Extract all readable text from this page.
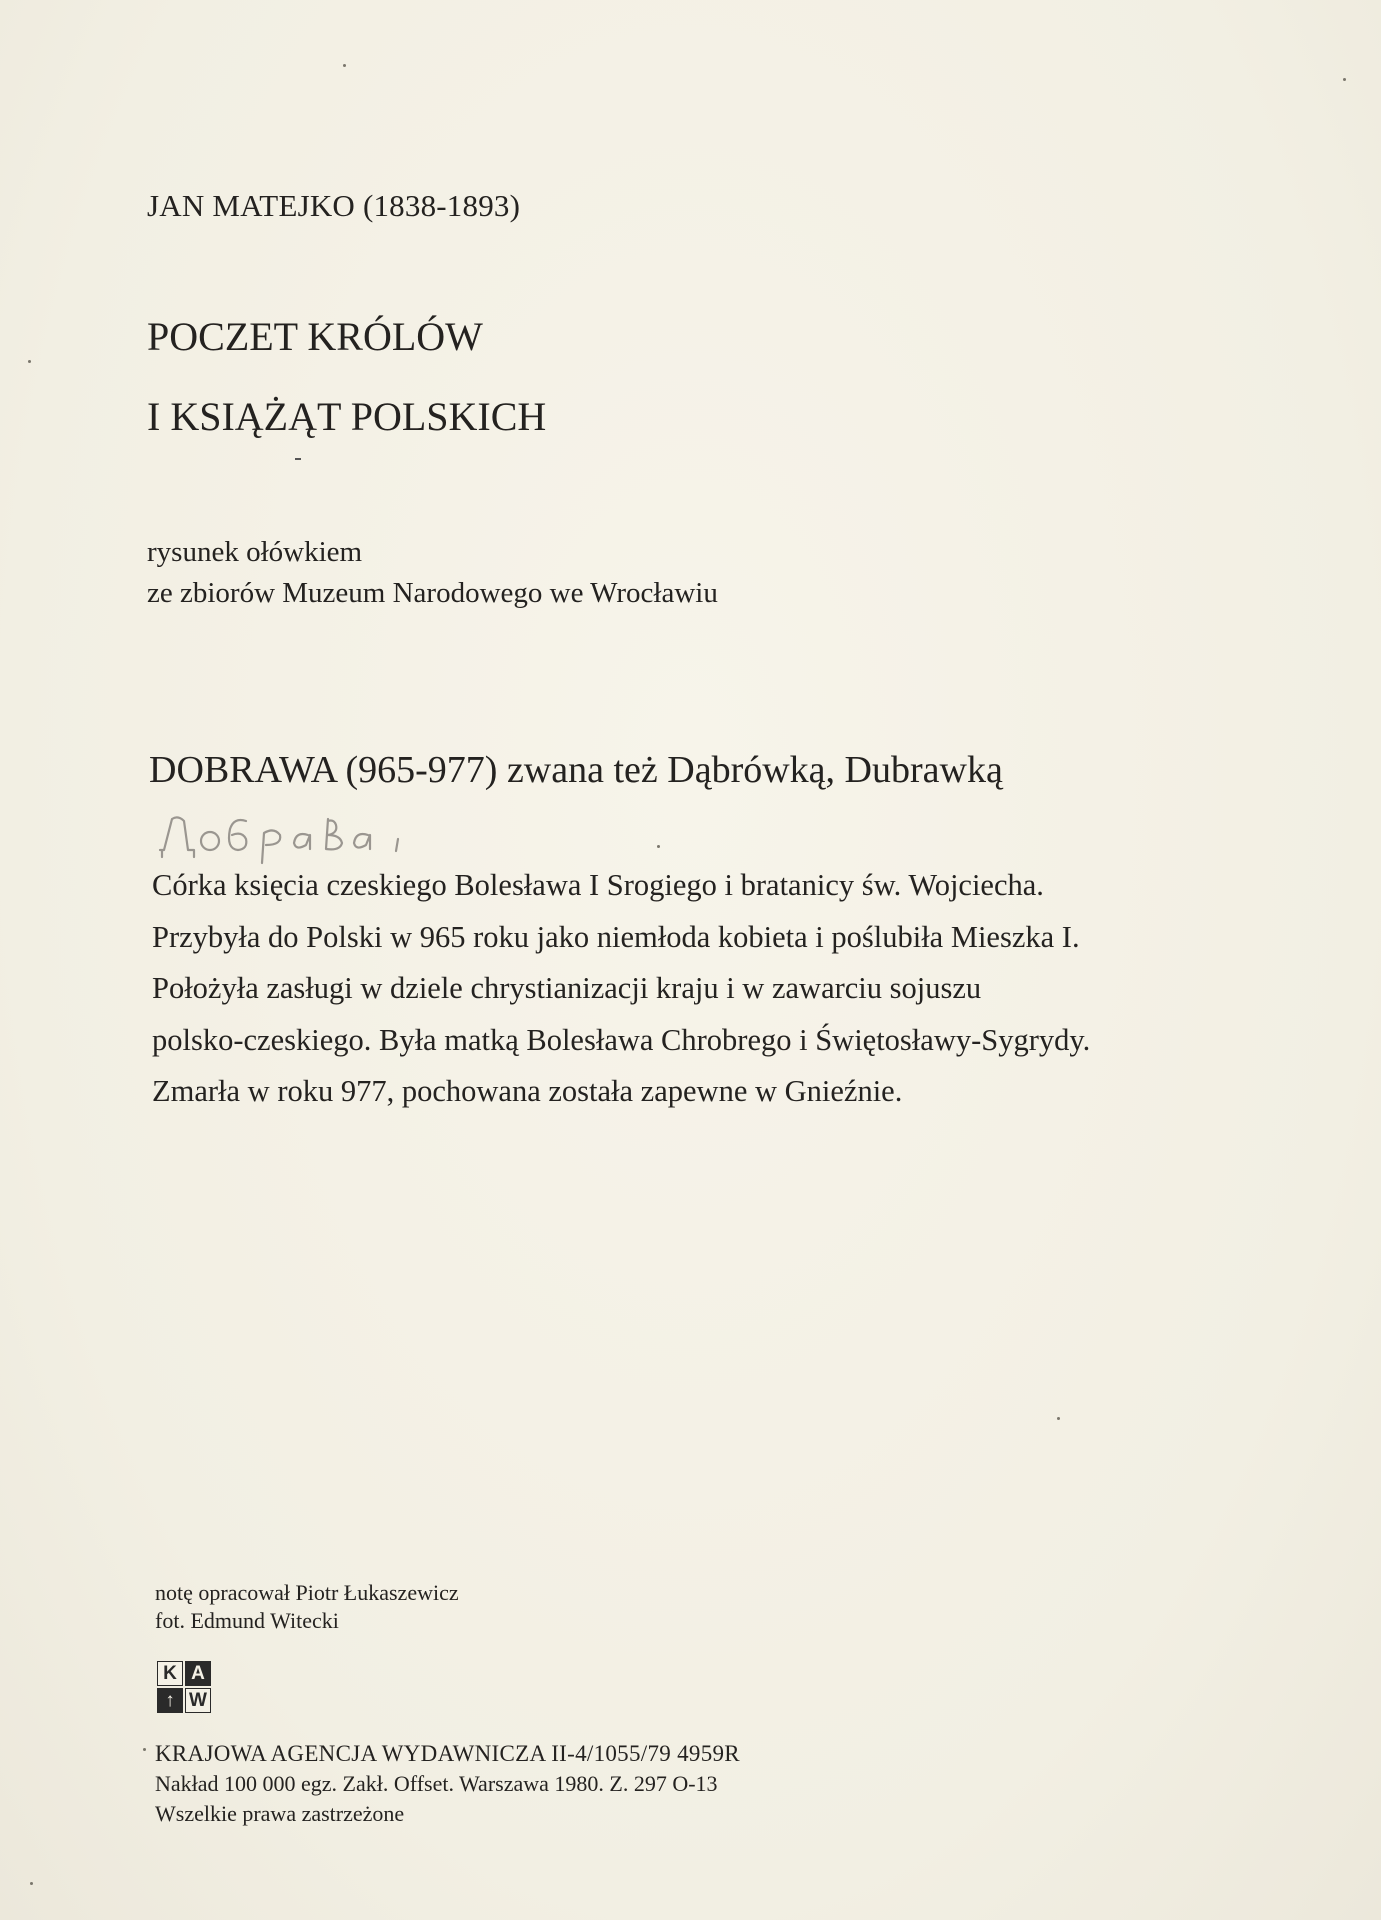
JAN MATEJKO (1838-1893)
POCZET KRÓLÓW
I KSIĄŻĄT POLSKICH
rysunek ołówkiem
ze zbiorów Muzeum Narodowego we Wrocławiu
DOBRAWA (965-977) zwana też Dąbrówką, Dubrawką
Córka księcia czeskiego Bolesława I Srogiego i bratanicy św. Wojciecha.
Przybyła do Polski w 965 roku jako niemłoda kobieta i poślubiła Mieszka I.
Położyła zasługi w dziele chrystianizacji kraju i w zawarciu sojuszu
polsko-czeskiego. Była matką Bolesława Chrobrego i Świętosławy-Sygrydy.
Zmarła w roku 977, pochowana została zapewne w Gnieźnie.
notę opracował Piotr Łukaszewicz
fot. Edmund Witecki
K A
↑ W
KRAJOWA AGENCJA WYDAWNICZA II-4/1055/79 4959R
Nakład 100 000 egz. Zakł. Offset. Warszawa 1980. Z. 297 O-13
Wszelkie prawa zastrzeżone
